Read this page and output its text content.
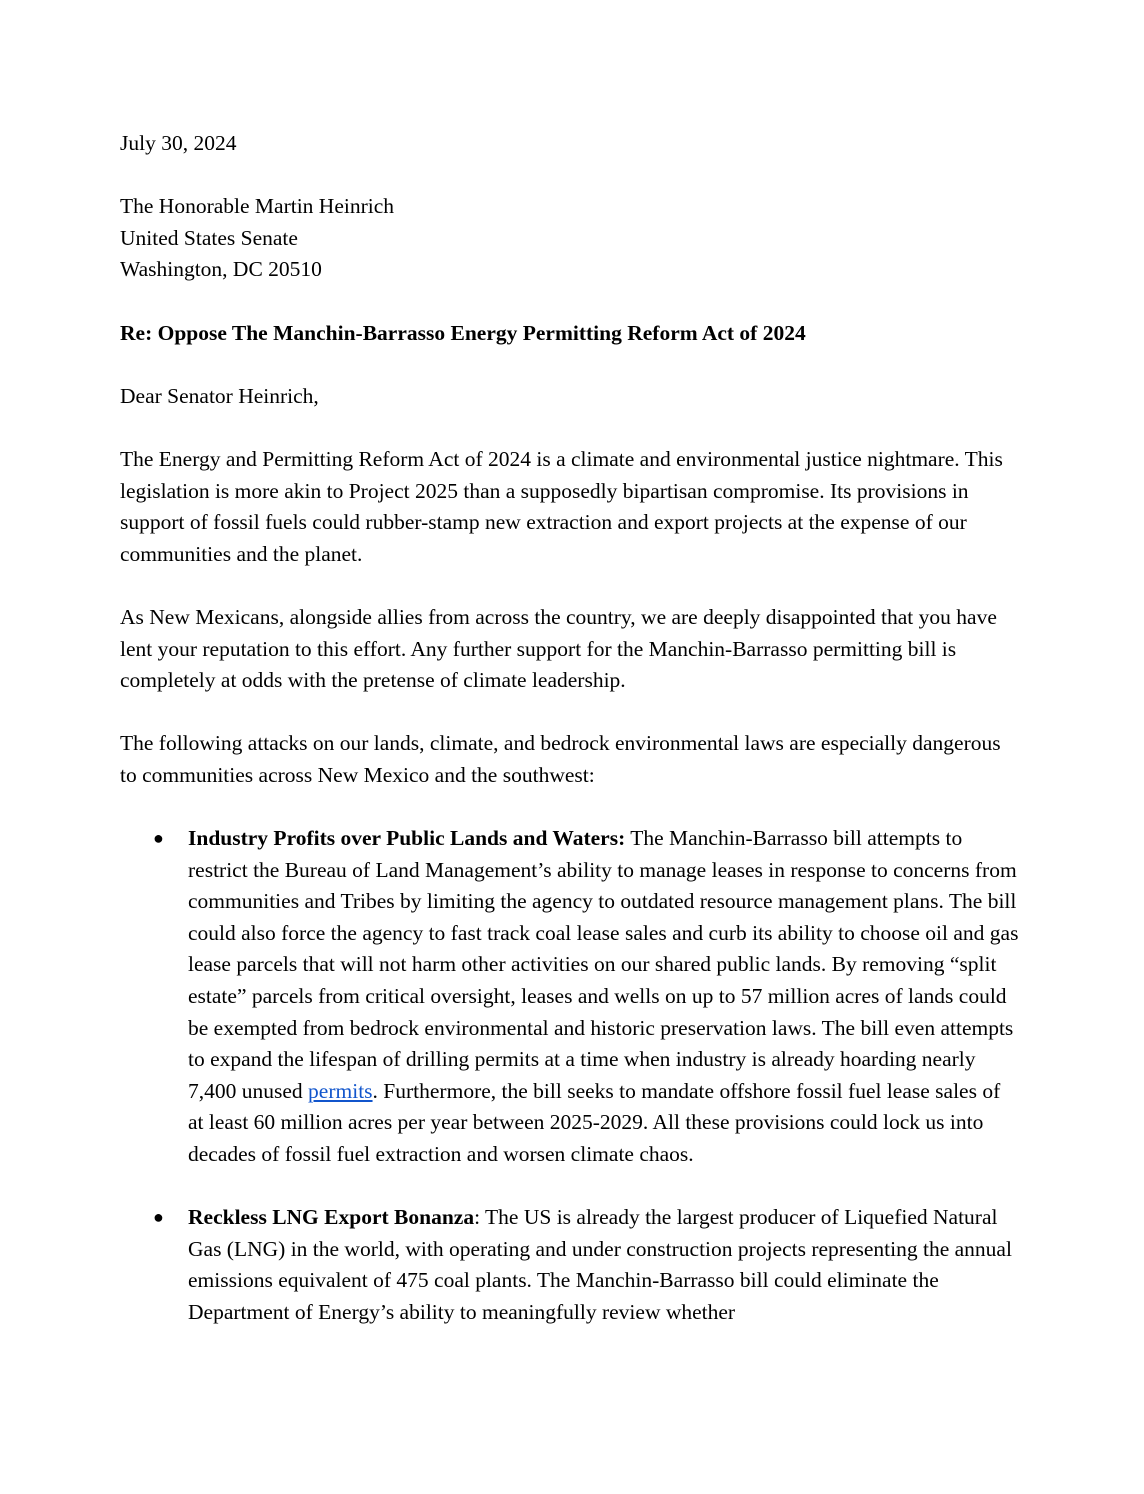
July 30, 2024

The Honorable Martin Heinrich

United States Senate

Washington, DC 20510

Re: Oppose The Manchin-Barrasso Energy Permitting Reform Act of 2024

Dear Senator Heinrich,

The Energy and Permitting Reform Act of 2024 is a climate and environmental justice nightmare. This legislation is more akin to Project 2025 than a supposedly bipartisan compromise. Its provisions in support of fossil fuels could rubber-stamp new extraction and export projects at the expense of our communities and the planet.

As New Mexicans, alongside allies from across the country, we are deeply disappointed that you have lent your reputation to this effort. Any further support for the Manchin-Barrasso permitting bill is completely at odds with the pretense of climate leadership.

The following attacks on our lands, climate, and bedrock environmental laws are especially dangerous to communities across New Mexico and the southwest:

● Industry Profits over Public Lands and Waters: The Manchin-Barrasso bill attempts to restrict the Bureau of Land Management’s ability to manage leases in response to concerns from communities and Tribes by limiting the agency to outdated resource management plans. The bill could also force the agency to fast track coal lease sales and curb its ability to choose oil and gas lease parcels that will not harm other activities on our shared public lands. By removing “split estate” parcels from critical oversight, leases and wells on up to 57 million acres of lands could be exempted from bedrock environmental and historic preservation laws. The bill even attempts to expand the lifespan of drilling permits at a time when industry is already hoarding nearly 7,400 unused permits. Furthermore, the bill seeks to mandate offshore fossil fuel lease sales of at least 60 million acres per year between 2025-2029. All these provisions could lock us into decades of fossil fuel extraction and worsen climate chaos.
● Reckless LNG Export Bonanza: The US is already the largest producer of Liquefied Natural Gas (LNG) in the world, with operating and under construction projects representing the annual emissions equivalent of 475 coal plants. The Manchin-Barrasso bill could eliminate the Department of Energy’s ability to meaningfully review whether
